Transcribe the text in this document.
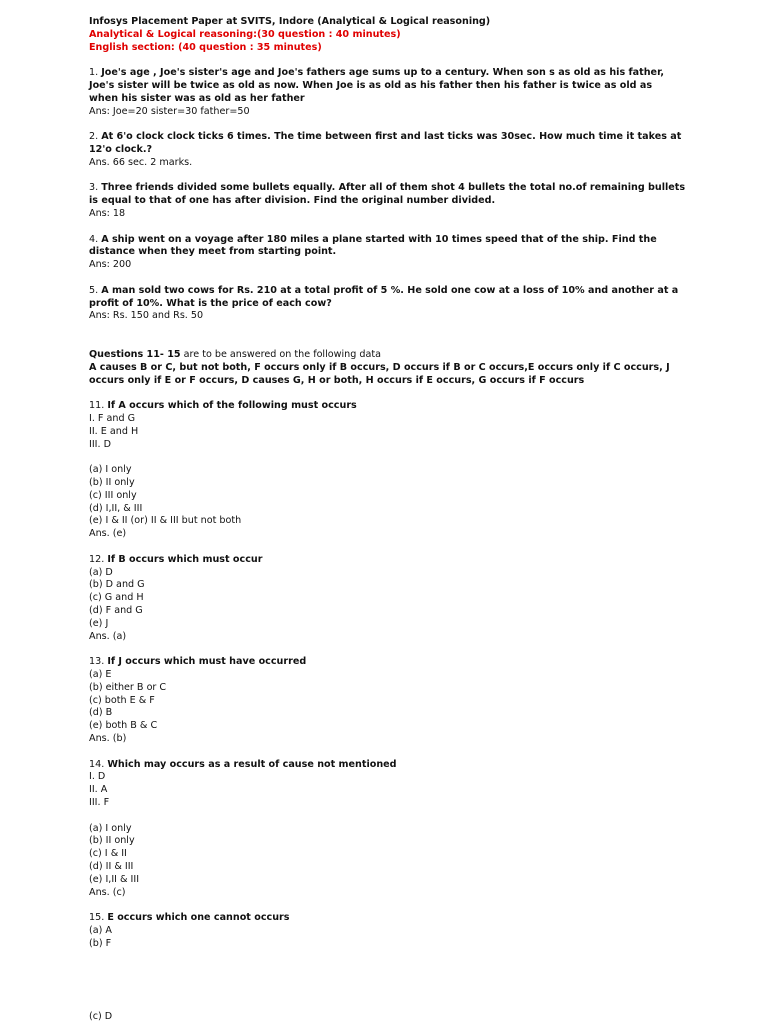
Infosys Placement Paper at SVITS, Indore (Analytical & Logical reasoning)
Analytical & Logical reasoning:(30 question : 40 minutes)
English section: (40 question : 35 minutes)
1. Joe's age , Joe's sister's age and Joe's fathers age sums up to a century. When son s as old as his father,
Joe's sister will be twice as old as now. When Joe is as old as his father then his father is twice as old as
when his sister was as old as her father
Ans: Joe=20 sister=30 father=50
2. At 6'o clock clock ticks 6 times. The time between first and last ticks was 30sec. How much time it takes at
12'o clock.?
Ans. 66 sec. 2 marks.
3. Three friends divided some bullets equally. After all of them shot 4 bullets the total no.of remaining bullets
is equal to that of one has after division. Find the original number divided.
Ans: 18
4. A ship went on a voyage after 180 miles a plane started with 10 times speed that of the ship. Find the
distance when they meet from starting point.
Ans: 200
5. A man sold two cows for Rs. 210 at a total profit of 5 %. He sold one cow at a loss of 10% and another at a
profit of 10%. What is the price of each cow?
Ans: Rs. 150 and Rs. 50
Questions 11- 15 are to be answered on the following data
A causes B or C, but not both, F occurs only if B occurs, D occurs if B or C occurs,E occurs only if C occurs, J
occurs only if E or F occurs, D causes G, H or both, H occurs if E occurs, G occurs if F occurs
11. If A occurs which of the following must occurs
I. F and G
II. E and H
III. D
(a) I only
(b) II only
(c) III only
(d) I,II, & III
(e) I & II (or) II & III but not both
Ans. (e)
12. If B occurs which must occur
(a) D
(b) D and G
(c) G and H
(d) F and G
(e) J
Ans. (a)
13. If J occurs which must have occurred
(a) E
(b) either B or C
(c) both E & F
(d) B
(e) both B & C
Ans. (b)
14. Which may occurs as a result of cause not mentioned
I. D
II. A
III. F
(a) I only
(b) II only
(c) I & II
(d) II & III
(e) I,II & III
Ans. (c)
15. E occurs which one cannot occurs
(a) A
(b) F
(c) D
